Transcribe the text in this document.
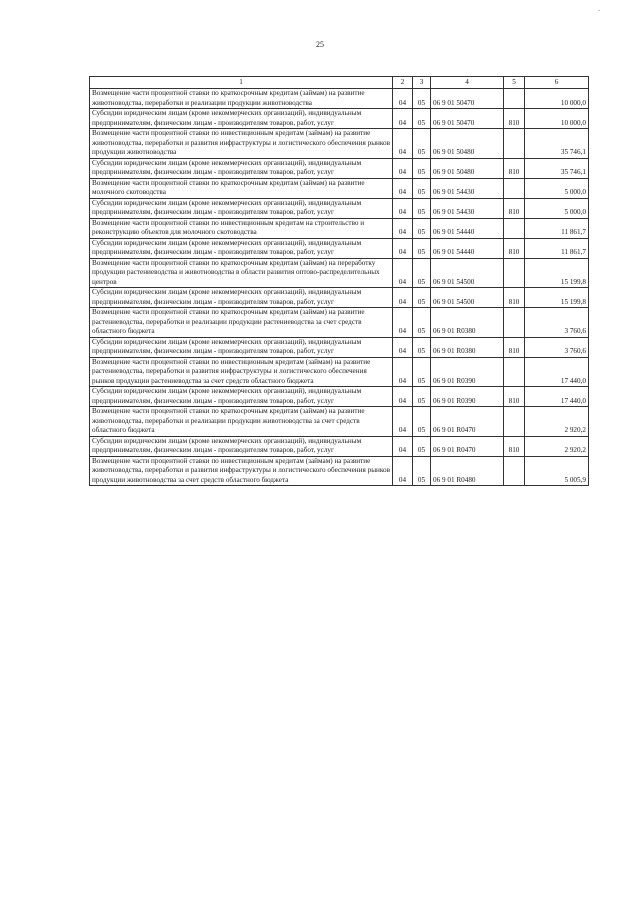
-
25
1	2	3	4	5	6
Возмещение части процентной ставки по краткосрочным кредитам (займам) на развитие животноводства, переработки и реализации продукции животноводства	04	05	06 9 01 50470		10 000,0
Субсидии юридическим лицам (кроме некоммерческих организаций), индивидуальным предпринимателям, физическим лицам - производителям товаров, работ, услуг	04	05	06 9 01 50470	810	10 000,0
Возмещение части процентной ставки по инвестиционным кредитам (займам) на развитие животноводства, переработки и развития инфраструктуры и логистического обеспечения рынков продукции животноводства	04	05	06 9 01 50480		35 746,1
Субсидии юридическим лицам (кроме некоммерческих организаций), индивидуальным предпринимателям, физическим лицам - производителям товаров, работ, услуг	04	05	06 9 01 50480	810	35 746,1
Возмещение части процентной ставки по краткосрочным кредитам (займам) на развитие молочного скотоводства	04	05	06 9 01 54430		5 000,0
Субсидии юридическим лицам (кроме некоммерческих организаций), индивидуальным предпринимателям, физическим лицам - производителям товаров, работ, услуг	04	05	06 9 01 54430	810	5 000,0
Возмещение части процентной ставки по инвестиционным кредитам на строительство и реконструкцию объектов для молочного скотоводства	04	05	06 9 01 54440		11 861,7
Субсидии юридическим лицам (кроме некоммерческих организаций), индивидуальным предпринимателям, физическим лицам - производителям товаров, работ, услуг	04	05	06 9 01 54440	810	11 861,7
Возмещение части процентной ставки по краткосрочным кредитам (займам) на переработку продукции растениеводства и животноводства в области развития оптово-распределительных центров	04	05	06 9 01 54500		15 199,8
Субсидии юридическим лицам (кроме некоммерческих организаций), индивидуальным предпринимателям, физическим лицам - производителям товаров, работ, услуг	04	05	06 9 01 54500	810	15 199,8
Возмещение части процентной ставки по краткосрочным кредитам (займам) на развитие растениеводства, переработки и реализации продукции растениеводства за счет средств областного бюджета	04	05	06 9 01 R0380		3 760,6
Субсидии юридическим лицам (кроме некоммерческих организаций), индивидуальным предпринимателям, физическим лицам - производителям товаров, работ, услуг	04	05	06 9 01 R0380	810	3 760,6
Возмещение части процентной ставки по инвестиционным кредитам (займам) на развитие растениеводства, переработки и развития инфраструктуры и логистического обеспечения рынков продукции растениеводства за счет средств областного бюджета	04	05	06 9 01 R0390		17 440,0
Субсидии юридическим лицам (кроме некоммерческих организаций), индивидуальным предпринимателям, физическим лицам - производителям товаров, работ, услуг	04	05	06 9 01 R0390	810	17 440,0
Возмещение части процентной ставки по краткосрочным кредитам (займам) на развитие животноводства, переработки и реализации продукции животноводства за счет средств областного бюджета	04	05	06 9 01 R0470		2 920,2
Субсидии юридическим лицам (кроме некоммерческих организаций), индивидуальным предпринимателям, физическим лицам - производителям товаров, работ, услуг	04	05	06 9 01 R0470	810	2 920,2
Возмещение части процентной ставки по инвестиционным кредитам (займам) на развитие животноводства, переработки и развития инфраструктуры и логистического обеспечения рынков продукции животноводства за счет средств областного бюджета	04	05	06 9 01 R0480		5 005,9
